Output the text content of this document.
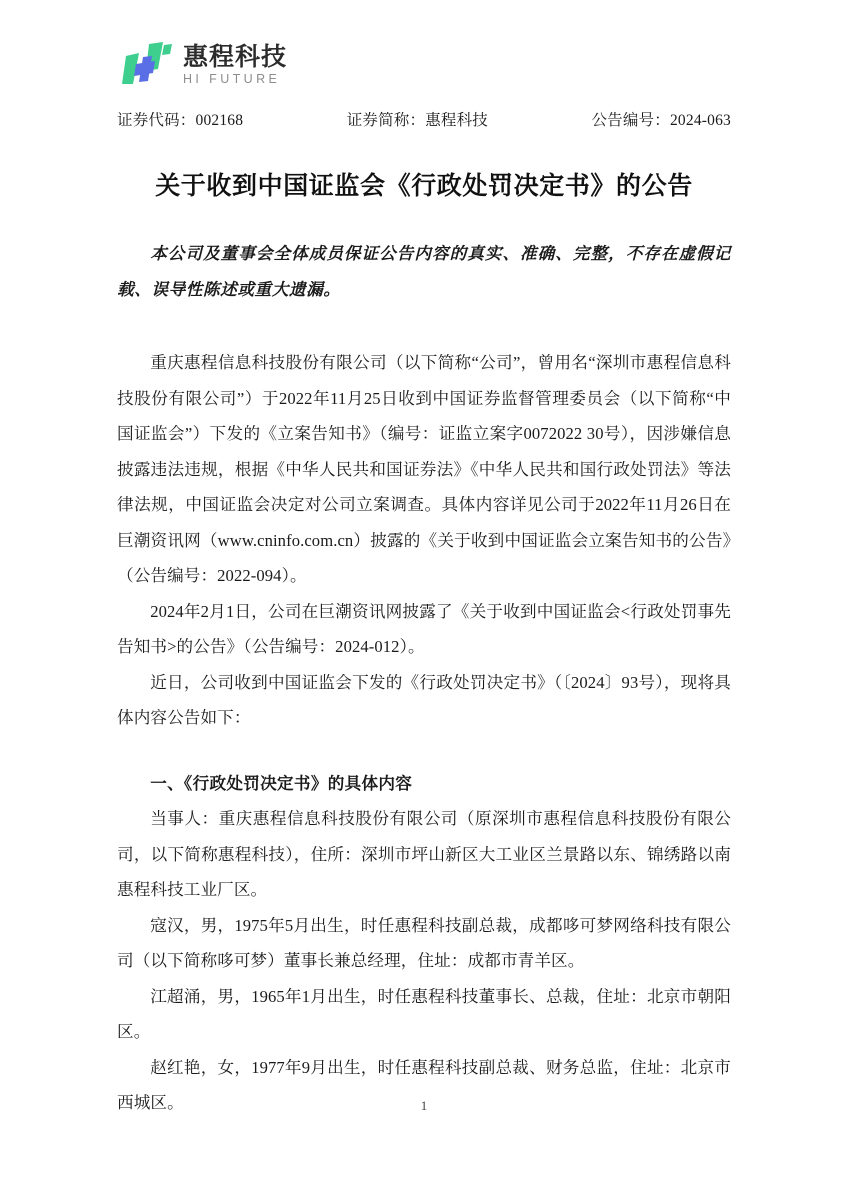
惠程科技
HI FUTURE
证券代码：002168	证券简称：惠程科技	公告编号：2024-063
关于收到中国证监会《行政处罚决定书》的公告

本公司及董事会全体成员保证公告内容的真实、准确、完整，不存在虚假记载、误导性陈述或重大遗漏。

重庆惠程信息科技股份有限公司（以下简称“公司”，曾用名“深圳市惠程信息科技股份有限公司”）于2022年11月25日收到中国证券监督管理委员会（以下简称“中国证监会”）下发的《立案告知书》（编号：证监立案字0072022 30号），因涉嫌信息披露违法违规，根据《中华人民共和国证券法》《中华人民共和国行政处罚法》等法律法规，中国证监会决定对公司立案调查。具体内容详见公司于2022年11月26日在巨潮资讯网（www.cninfo.com.cn）披露的《关于收到中国证监会立案告知书的公告》（公告编号：2022-094）。

2024年2月1日，公司在巨潮资讯网披露了《关于收到中国证监会<行政处罚事先告知书>的公告》（公告编号：2024-012）。

近日，公司收到中国证监会下发的《行政处罚决定书》（〔2024〕93号），现将具体内容公告如下：

一、《行政处罚决定书》的具体内容

当事人：重庆惠程信息科技股份有限公司（原深圳市惠程信息科技股份有限公司，以下简称惠程科技），住所：深圳市坪山新区大工业区兰景路以东、锦绣路以南惠程科技工业厂区。

寇汉，男，1975年5月出生，时任惠程科技副总裁，成都哆可梦网络科技有限公司（以下简称哆可梦）董事长兼总经理，住址：成都市青羊区。

江超涌，男，1965年1月出生，时任惠程科技董事长、总裁，住址：北京市朝阳区。

赵红艳，女，1977年9月出生，时任惠程科技副总裁、财务总监，住址：北京市西城区。	1
